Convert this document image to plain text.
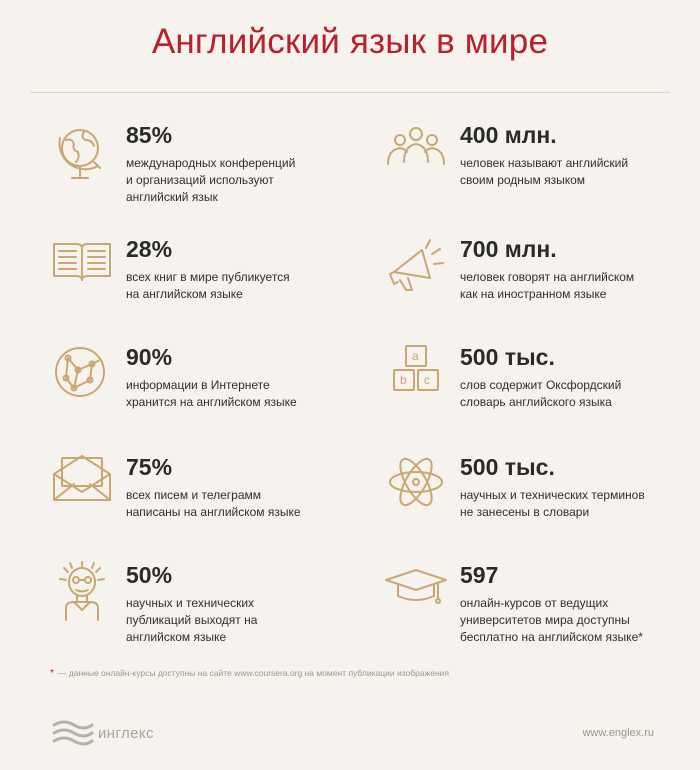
Английский язык в мире
85%
международных конференций
и организаций используют
английский язык
400 млн.
человек называют английский
своим родным языком
28%
всех книг в мире публикуется
на английском языке
700 млн.
человек говорят на английском
как на иностранном языке
90%
информации в Интернете
хранится на английском языке
a
b c
500 тыс.
слов содержит Оксфордский
словарь английского языка
75%
всех писем и телеграмм
написаны на английском языке
500 тыс.
научных и технических терминов
не занесены в словари
50%
научных и технических
публикаций выходят на
английском языке
597
онлайн-курсов от ведущих
университетов мира доступны
бесплатно на английском языке*
* — данные онлайн-курсы доступны на сайте www.coursera.org на момент публикации изображения
инглекс	www.englex.ru
